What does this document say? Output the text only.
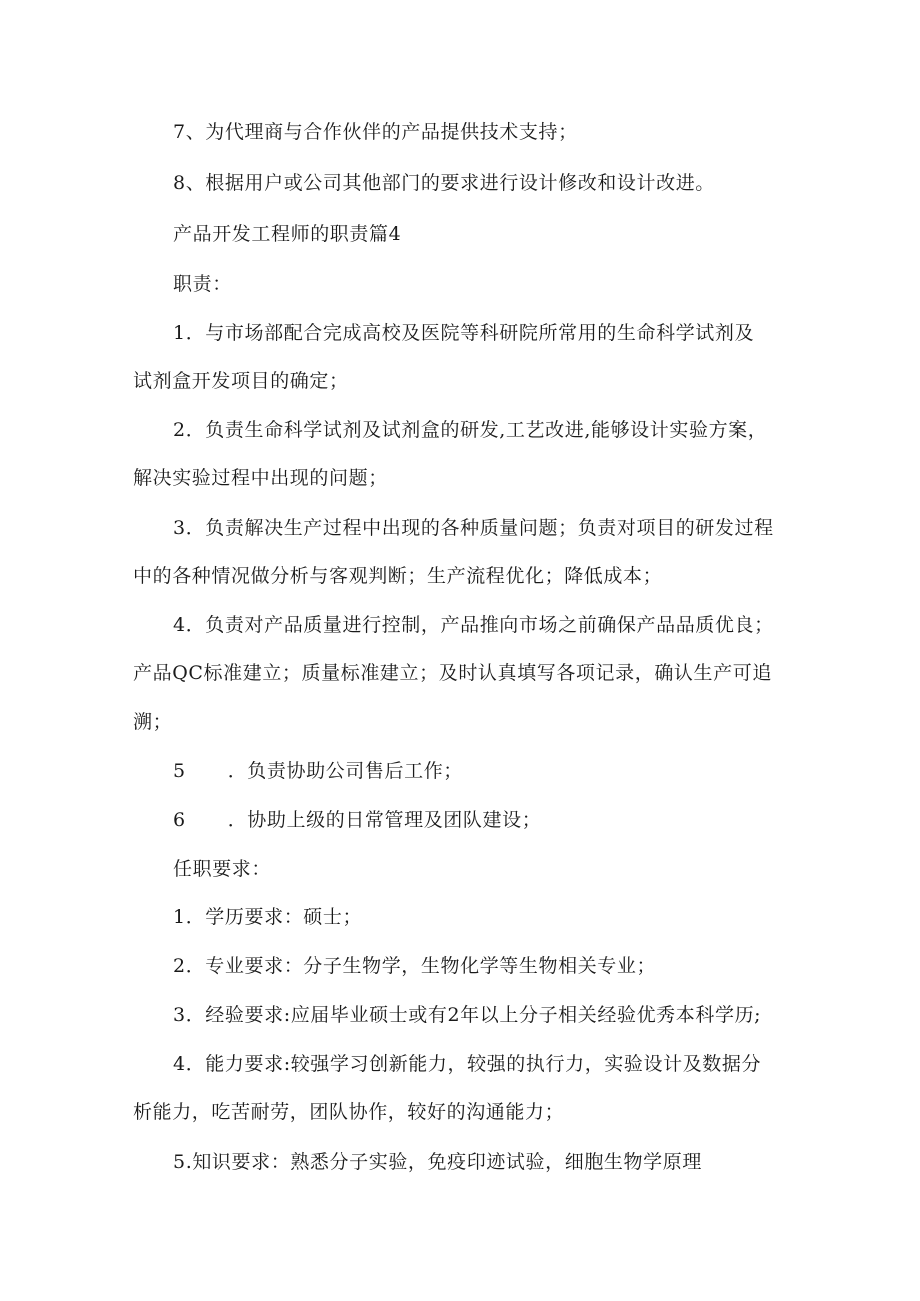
7、为代理商与合作伙伴的产品提供技术支持；
8、根据用户或公司其他部门的要求进行设计修改和设计改进。
产品开发工程师的职责篇4
职责：
1．与市场部配合完成高校及医院等科研院所常用的生命科学试剂及
试剂盒开发项目的确定；
2．负责生命科学试剂及试剂盒的研发,工艺改进,能够设计实验方案，
解决实验过程中出现的问题；
3．负责解决生产过程中出现的各种质量问题；负责对项目的研发过程
中的各种情况做分析与客观判断；生产流程优化；降低成本；
4．负责对产品质量进行控制，产品推向市场之前确保产品品质优良；
产品QC标准建立；质量标准建立；及时认真填写各项记录，确认生产可追
溯；
5 ．负责协助公司售后工作；
6 ．协助上级的日常管理及团队建设；
任职要求：
1．学历要求：硕士；
2．专业要求：分子生物学，生物化学等生物相关专业；
3．经验要求:应届毕业硕士或有2年以上分子相关经验优秀本科学历;
4．能力要求:较强学习创新能力，较强的执行力，实验设计及数据分
析能力，吃苦耐劳，团队协作，较好的沟通能力；
5.知识要求：熟悉分子实验，免疫印迹试验，细胞生物学原理
